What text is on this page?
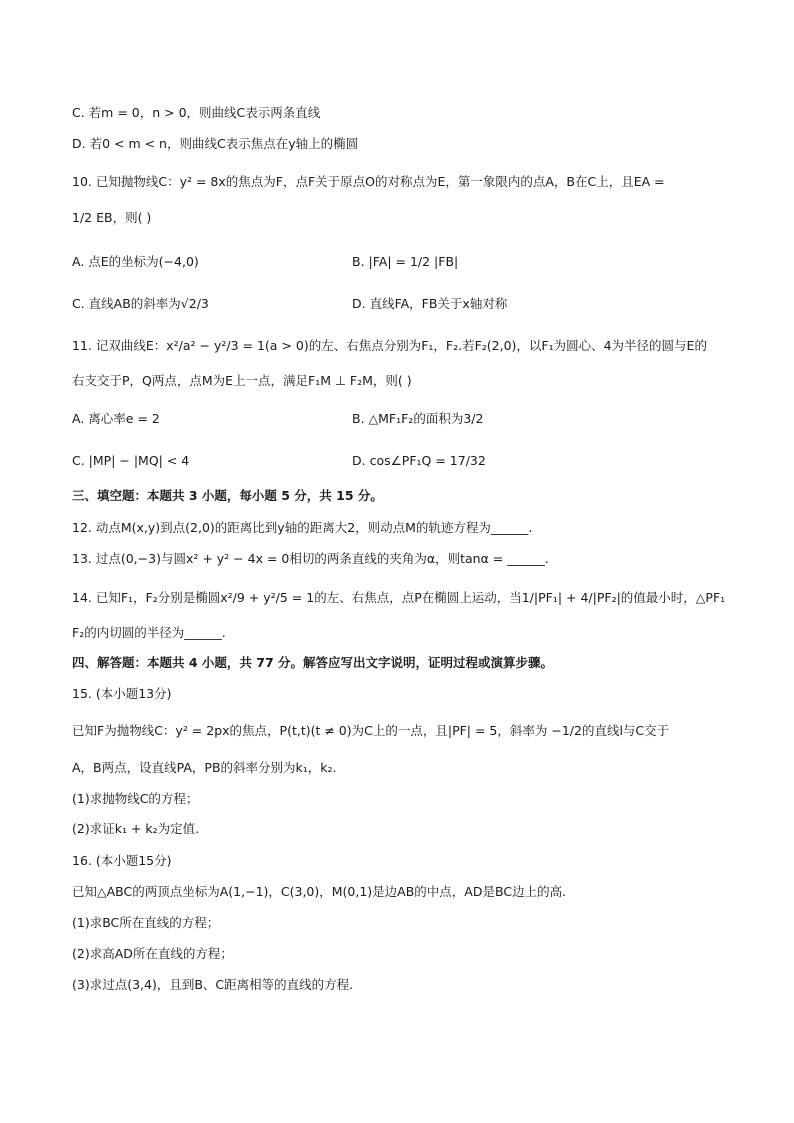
C. 若m = 0，n > 0，则曲线C表示两条直线
D. 若0 < m < n，则曲线C表示焦点在y轴上的椭圆
10. 已知抛物线C：y² = 8x的焦点为F，点F关于原点O的对称点为E，第一象限内的点A，B在C上，且EA =
1/2 EB，则( )
A. 点E的坐标为(−4,0)	B. |FA| = 1/2 |FB|
C. 直线AB的斜率为√2/3	D. 直线FA，FB关于x轴对称
11. 记双曲线E：x²/a² − y²/3 = 1(a > 0)的左、右焦点分别为F₁，F₂.若F₂(2,0)，以F₁为圆心、4为半径的圆与E的
右支交于P，Q两点，点M为E上一点，满足F₁M ⊥ F₂M，则( )
A. 离心率e = 2	B. △MF₁F₂的面积为3/2
C. |MP| − |MQ| < 4	D. cos∠PF₁Q = 17/32
三、填空题：本题共 3 小题，每小题 5 分，共 15 分。
12. 动点M(x,y)到点(2,0)的距离比到y轴的距离大2，则动点M的轨迹方程为______.
13. 过点(0,−3)与圆x² + y² − 4x = 0相切的两条直线的夹角为α，则tanα = ______.
14. 已知F₁，F₂分别是椭圆x²/9 + y²/5 = 1的左、右焦点，点P在椭圆上运动，当1/|PF₁| + 4/|PF₂|的值最小时，△PF₁
F₂的内切圆的半径为______.
四、解答题：本题共 4 小题，共 77 分。解答应写出文字说明，证明过程或演算步骤。
15. (本小题13分)
已知F为抛物线C：y² = 2px的焦点，P(t,t)(t ≠ 0)为C上的一点，且|PF| = 5，斜率为 −1/2的直线l与C交于
A，B两点，设直线PA，PB的斜率分别为k₁，k₂.
(1)求抛物线C的方程；
(2)求证k₁ + k₂为定值.
16. (本小题15分)
已知△ABC的两顶点坐标为A(1,−1)，C(3,0)，M(0,1)是边AB的中点，AD是BC边上的高.
(1)求BC所在直线的方程；
(2)求高AD所在直线的方程；
(3)求过点(3,4)，且到B、C距离相等的直线的方程.
